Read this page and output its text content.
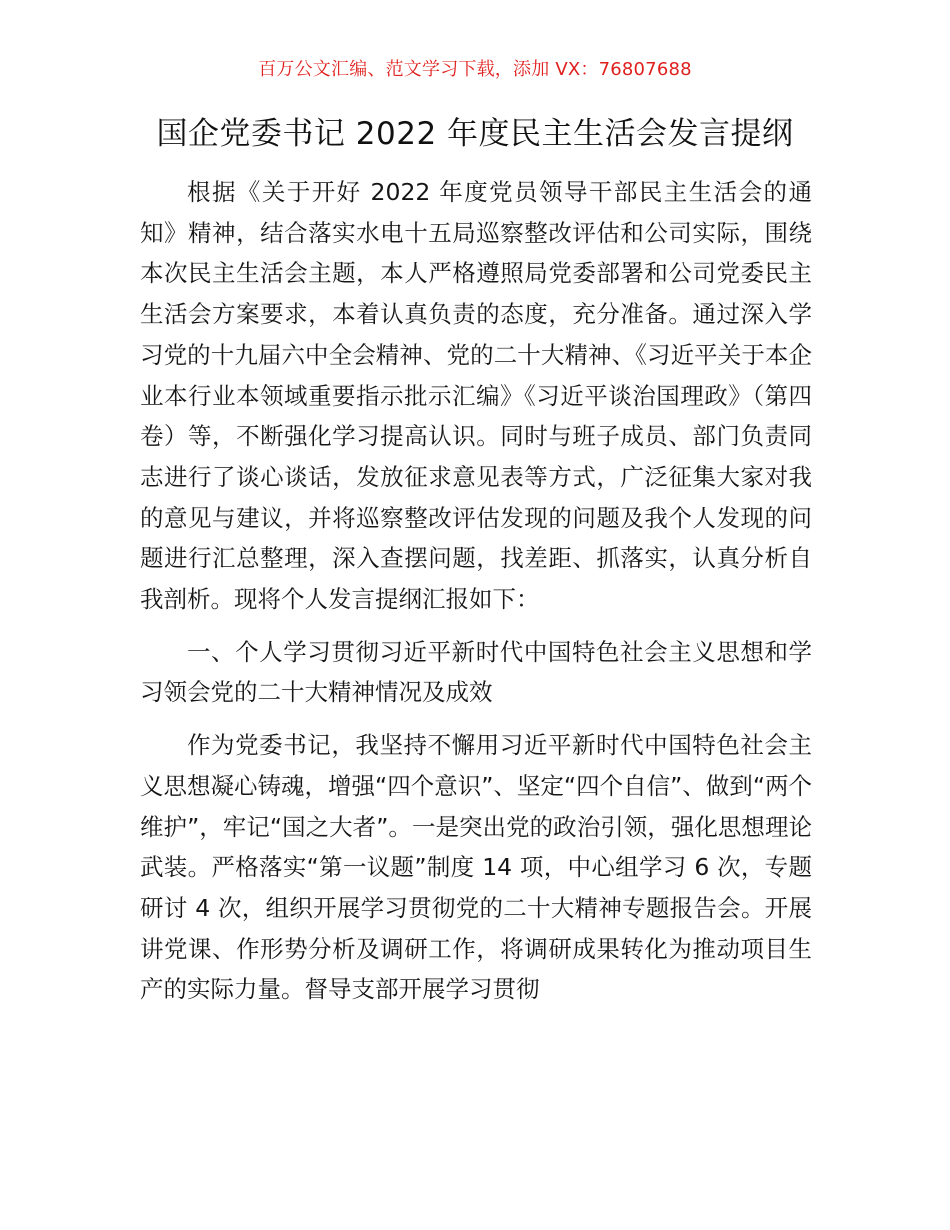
百万公文汇编、范文学习下载，添加 VX：76807688
国企党委书记 2022 年度民主生活会发言提纲

根据《关于开好 2022 年度党员领导干部民主生活会的通知》精神，结合落实水电十五局巡察整改评估和公司实际，围绕本次民主生活会主题，本人严格遵照局党委部署和公司党委民主生活会方案要求，本着认真负责的态度，充分准备。通过深入学习党的十九届六中全会精神、党的二十大精神、《习近平关于本企业本行业本领域重要指示批示汇编》《习近平谈治国理政》（第四卷）等，不断强化学习提高认识。同时与班子成员、部门负责同志进行了谈心谈话，发放征求意见表等方式，广泛征集大家对我的意见与建议，并将巡察整改评估发现的问题及我个人发现的问题进行汇总整理，深入查摆问题，找差距、抓落实，认真分析自我剖析。现将个人发言提纲汇报如下：

一、个人学习贯彻习近平新时代中国特色社会主义思想和学习领会党的二十大精神情况及成效

作为党委书记，我坚持不懈用习近平新时代中国特色社会主义思想凝心铸魂，增强“四个意识”、坚定“四个自信”、做到“两个维护”，牢记“国之大者”。一是突出党的政治引领，强化思想理论武装。严格落实“第一议题”制度 14 项，中心组学习 6 次，专题研讨 4 次，组织开展学习贯彻党的二十大精神专题报告会。开展讲党课、作形势分析及调研工作，将调研成果转化为推动项目生产的实际力量。督导支部开展学习贯彻
